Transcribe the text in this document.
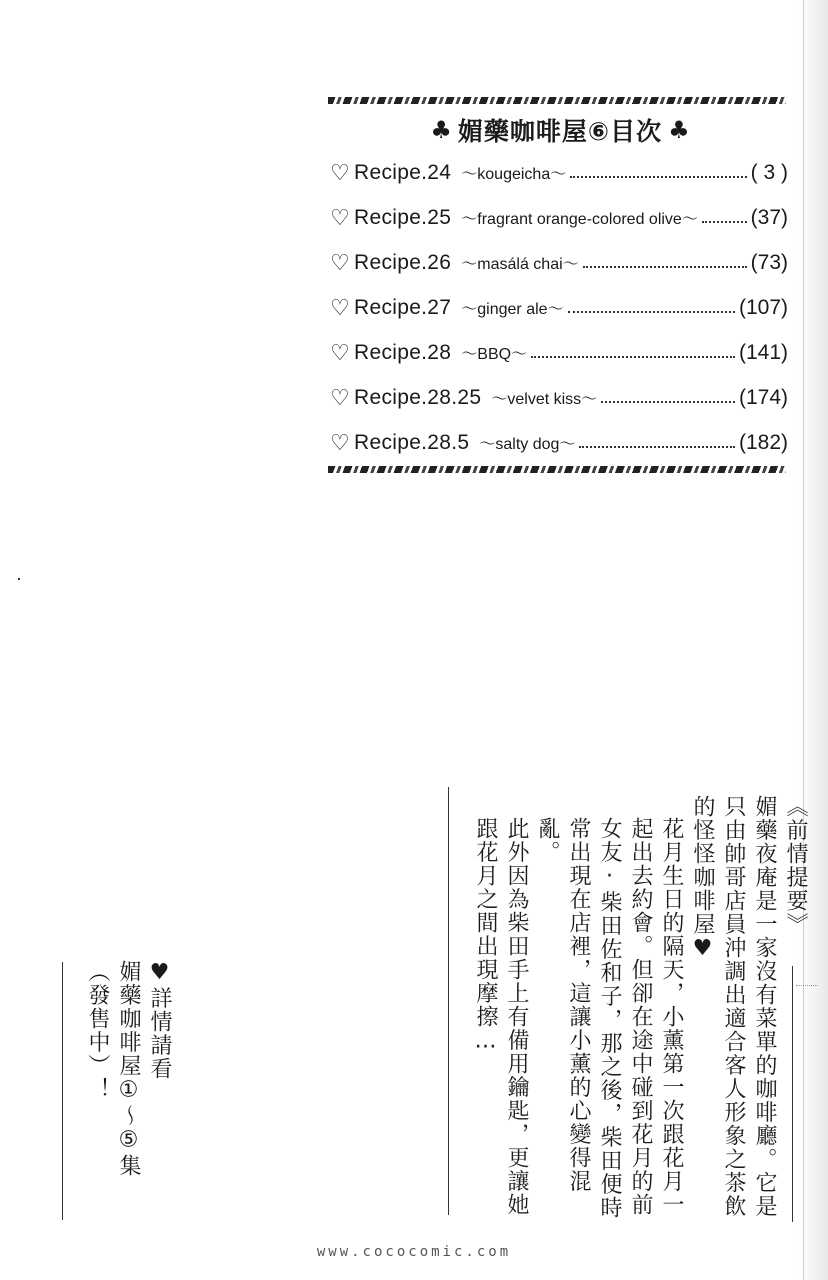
♣ 媚藥咖啡屋⑥目次 ♣
♡ Recipe.24 ～kougeicha～	( 3 )
♡ Recipe.25 ～fragrant orange-colored olive～	(37)
♡ Recipe.26 ～masálá chai～	(73)
♡ Recipe.27 ～ginger ale～	(107)
♡ Recipe.28 ～BBQ～	(141)
♡ Recipe.28.25 ～velvet kiss～	(174)
♡ Recipe.28.5 ～salty dog～	(182)
《前情提要》
媚藥夜庵是一家沒有菜單的咖啡廳。它是只由帥哥店員沖調出適合客人形象之茶飲的怪怪咖啡屋♥
花月生日的隔天，小薰第一次跟花月一起出去約會。但卻在途中碰到花月的前女友·柴田佐和子，那之後，柴田便時常出現在店裡，這讓小薰的心變得混亂。
此外因為柴田手上有備用鑰匙，更讓她跟花月之間出現摩擦…
♥詳情請看
媚藥咖啡屋①～⑤集
（發售中）！
www.cococomic.com
